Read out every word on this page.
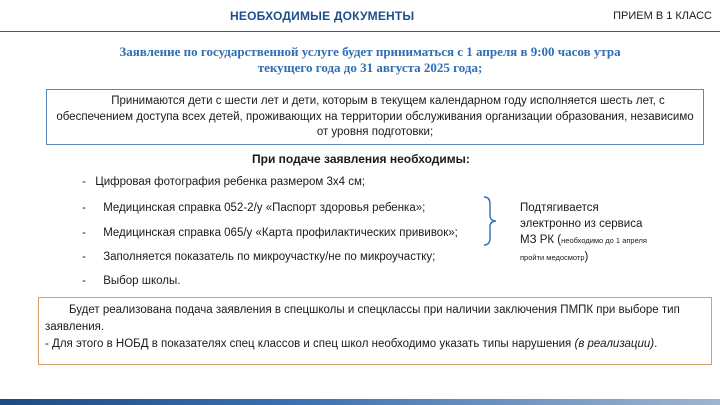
НЕОБХОДИМЫЕ ДОКУМЕНТЫ	ПРИЕМ В 1 КЛАСС
Заявление по государственной услуге будет приниматься с 1 апреля в 9:00 часов утра
текущего года до 31 августа 2025 года;
Принимаются дети с шести лет и дети, которым в текущем календарном году исполняется шесть лет, с обеспечением доступа всех детей, проживающих на территории обслуживания организации образования, независимо от уровня подготовки;
При подаче заявления необходимы:
- Цифровая фотография ребенка размером 3х4 см;
- Медицинская справка 052-2/у «Паспорт здоровья ребенка»;
- Медицинская справка 065/у «Карта профилактических прививок»;
- Заполняется показатель по микроучастку/не по микроучастку;
- Выбор школы.
Подтягивается
электронно из сервиса
МЗ РК (необходимо до 1 апреля
пройти медосмотр)
Будет реализована подача заявления в спецшколы и спецклассы при наличии заключения ПМПК при выборе тип заявления.
- Для этого в НОБД в показателях спец классов и спец школ необходимо указать типы нарушения (в реализации).
